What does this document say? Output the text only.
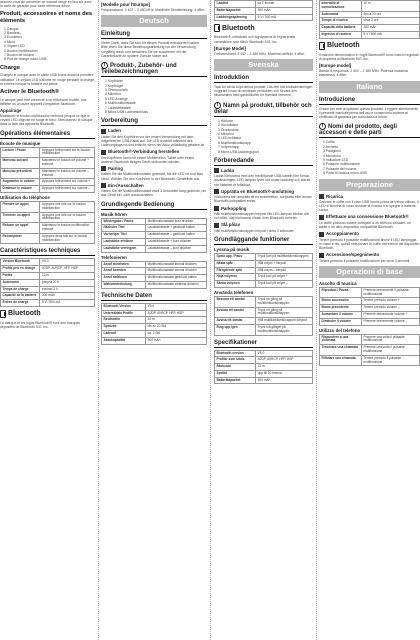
assurez-vous de conserver ce manuel rangé en lieu sûr avec la carte de garantie pour toute référence future.

Produit, accessoires et noms des éléments
1 Casque
2 Bandeau
3 Écouteurs
4 Micro
5 Voyant LED
6 Bouton multifonction
7 Bouton de volume
8 Port de charge micro-USB
Charge

Chargez le casque avec le câble USB fourni avant la première utilisation. Le voyant LED s'allume en rouge pendant la charge et s'éteint lorsque la batterie est pleine.

Activer le Bluetooth®

Le casque peut être connecté à un téléphone mobile, une tablette ou un autre appareil compatible Bluetooth.

Appairage

Maintenez le bouton multifonction enfoncé jusqu'à ce que le voyant LED clignote en rouge et bleu. Sélectionnez le casque dans la liste des appareils Bluetooth.

Opérations élémentaires
Écoute de musique
Lecture / Pause	Appuyez brièvement sur le bouton multifonction
Morceau suivant	Maintenez le bouton de volume + enfoncé
Morceau précédent	Maintenez le bouton de volume – enfoncé
Augmenter le volume	Appuyez brièvement sur volume +
Diminuer le volume	Appuyez brièvement sur volume –
Utilisation du téléphone
Prendre un appel	Appuyez une fois sur le bouton multifonction
Terminer un appel	Appuyez une fois sur le bouton multifonction
Refuser un appel	Maintenez le bouton multifonction enfoncé
Recomposer	Appuyez deux fois sur le bouton multifonction
Caractéristiques techniques
Version Bluetooth	V5.0
Profils pris en charge	A2DP, AVRCP, HFP, HSP
Portée	10 m
Autonomie	jusqu'à 20 h
Temps de charge	environ 2 h
Capacité de la batterie	300 mAh
Entrée de charge	5 V / 500 mA
Bluetooth

La marque et les logos Bluetooth® sont des marques déposées de Bluetooth SIG, Inc.

[Modelle pour l'Europe]

Frequenzband: 2 402 – 2 480 MHz. Maximale Sendeleistung: 4 dBm.

Deutsch
Einleitung

Vielen Dank, dass Sie sich für dieses Produkt entschieden haben. Bitte lesen Sie diese Bedienungsanleitung vor der Verwendung sorgfältig durch und bewahren Sie sie zusammen mit der Garantiekarte für spätere Zwecke sicher auf.

i Produkt-, Zubehör- und Teilebezeichnungen
1 Kopfhörer
2 Kopfbügel
3 Ohrmuscheln
4 Mikrofon
5 LED-Anzeige
6 Multifunktionstaste
7 Lautstärketaste
8 Micro-USB-Ladeanschluss
Vorbereitung
Laden

Laden Sie den Kopfhörer vor der ersten Verwendung mit dem mitgelieferten USB-Kabel auf. Die LED leuchtet während des Ladevorgangs rot und erlischt, wenn der Akku vollständig geladen ist.

Bluetooth®-Verbindung herstellen

Der Kopfhörer kann mit einem Mobiltelefon, Tablet oder einem anderen Bluetooth-fähigen Gerät verbunden werden.

Pairing

Halten Sie die Multifunktionstaste gedrückt, bis die LED rot und blau blinkt. Wählen Sie den Kopfhörer in der Bluetooth-Geräteliste aus.

Ein-/Ausschalten

Halten Sie die Multifunktionstaste etwa 3 Sekunden lang gedrückt, um das Gerät ein- oder auszuschalten.

Grundlegende Bedienung
Musik hören
Wiedergabe / Pause	Multifunktionstaste kurz drücken
Nächster Titel	Lautstärketaste + gedrückt halten
Vorheriger Titel	Lautstärketaste – gedrückt halten
Lautstärke erhöhen	Lautstärketaste + kurz drücken
Lautstärke verringern	Lautstärketaste – kurz drücken
Telefonieren
Anruf annehmen	Multifunktionstaste einmal drücken
Anruf beenden	Multifunktionstaste einmal drücken
Anruf ablehnen	Multifunktionstaste gedrückt halten
Wahlwiederholung	Multifunktionstaste zweimal drücken
Technische Daten
Bluetooth-Version	V5.0
Unterstützte Profile	A2DP, AVRCP, HFP, HSP
Reichweite	10 m
Spielzeit	bis zu 20 Std.
Ladezeit	ca. 2 Std.
Akkukapazität	300 mAh
Laddtid	ca 2 timmar
Batterikapacitet	300 mAh
Laddningsspänning	5 V / 500 mA
Bluetooth

Bluetooth®-ordmärket och logotyperna är registrerade varumärken som tillhör Bluetooth SIG, Inc.

[Europe Model]

Frekvensband: 2 402 – 2 480 MHz. Maximal uteffekt: 4 dBm.

Svenska
Introduktion

Tack för att du köpt denna produkt. Läs den här bruksanvisningen noggrant innan du använder produkten och förvara den tillsammans med garantikortet för framtida referens.

i Namn på produkt, tillbehör och delar
1 Hörlurar
2 Huvudband
3 Öronkuddar
4 Mikrofon
5 LED-indikator
6 Multifunktionsknapp
7 Volymknapp
8 Micro-USB-laddningsport
Förberedande
Ladda

Ladda hörlurarna med den medföljande USB-kabeln före första användningen. LED-lampan lyser rött under laddning och släcks när batteriet är fulladdat.

Upprätta en Bluetooth®-anslutning

Hörlurarna kan anslutas till en mobiltelefon, surfplatta eller annan Bluetooth-kompatibel enhet.

Parkoppling

Håll multifunktionsknappen intryckt tills LED-lampan blinkar rött och blått. Välj hörlurarna i listan över Bluetooth-enheter.

Slå på/av

Håll multifunktionsknappen intryckt i cirka 3 sekunder.

Grundläggande funktioner
Lyssna på musik
Spela upp / Paus	Tryck kort på multifunktionsknappen
Nästa spår	Håll volym + intryckt
Föregående spår	Håll volym – intryckt
Höja volymen	Tryck kort på volym +
Sänka volymen	Tryck kort på volym –
Använda telefonen
Besvara ett samtal	Tryck en gång på multifunktionsknappen
Avsluta ett samtal	Tryck en gång på multifunktionsknappen
Avvisa ett samtal	Håll multifunktionsknappen intryckt
Ring upp igen	Tryck två gånger på multifunktionsknappen
Specifikationer
Bluetooth-version	V5.0
Profiler som stöds	A2DP, AVRCP, HFP, HSP
Räckvidd	10 m
Speltid	upp till 20 timmar
Batterikapacitet	300 mAh
Intervallo di comunicazione	10 m
Autonomia	fino a 20 ore
Tempo di ricarica	circa 2 ore
Capacità della batteria	300 mAh
Ingresso di ricarica	5 V / 500 mA
Bluetooth

Il marchio denominativo e i loghi Bluetooth® sono marchi registrati di proprietà di Bluetooth SIG, Inc.

[Europe model]

Banda di frequenza: 2 402 – 2 480 MHz. Potenza massima trasmessa: 4 dBm.

Italiano
Introduzione

Grazie per aver acquistato questo prodotto. Leggere attentamente il presente manuale prima dell'uso e conservarlo insieme al certificato di garanzia per consultazioni future.

i Nomi del prodotto, degli accessori e delle parti
1 Cuffie
2 Archetto
3 Padiglioni
4 Microfono
5 Indicatore LED
6 Pulsante multifunzione
7 Pulsante del volume
8 Porta di ricarica micro-USB
Preparazione
Ricarica

Caricare le cuffie con il cavo USB fornito prima del primo utilizzo. Il LED si illumina di rosso durante la ricarica e si spegne a batteria carica.

Effettuare una connessione Bluetooth®

Le cuffie possono essere collegate a un telefono cellulare, un tablet o un altro dispositivo compatibile Bluetooth.

Accoppiamento

Tenere premuto il pulsante multifunzione finché il LED lampeggia in rosso e blu, quindi selezionare le cuffie nell'elenco dei dispositivi Bluetooth.

Accensione/spegnimento

Tenere premuto il pulsante multifunzione per circa 3 secondi.

Operazioni di base
Ascolto di musica
Riproduci / Pausa	Premere brevemente il pulsante multifunzione
Brano successivo	Tenere premuto volume +
Brano precedente	Tenere premuto volume –
Aumentare il volume	Premere brevemente volume +
Diminuire il volume	Premere brevemente volume –
Utilizzo del telefono
Rispondere a una chiamata	Premere una volta il pulsante multifunzione
Terminare una chiamata	Premere una volta il pulsante multifunzione
Rifiutare una chiamata	Tenere premuto il pulsante multifunzione
